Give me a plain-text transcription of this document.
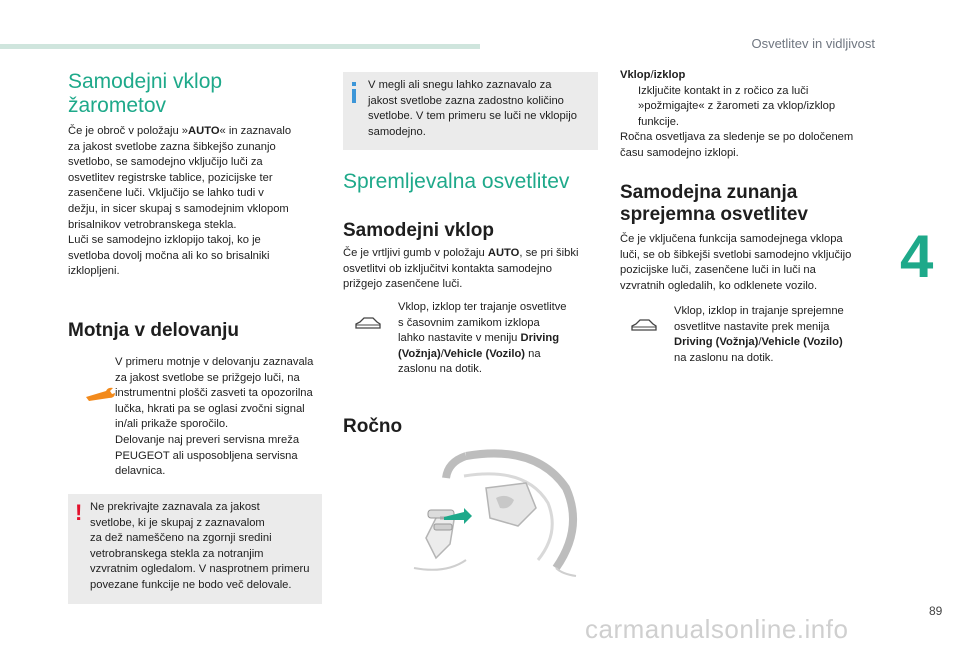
Osvetlitev in vidljivost
4
89
carmanualsonline.info
Samodejni vklop
žarometov
Če je obroč v položaju »AUTO« in zaznavalo
za jakost svetlobe zazna šibkejšo zunanjo
svetlobo, se samodejno vključijo luči za
osvetlitev registrske tablice, pozicijske ter
zasenčene luči. Vključijo se lahko tudi v
dežju, in sicer skupaj s samodejnim vklopom
brisalnikov vetrobranskega stekla.
Luči se samodejno izklopijo takoj, ko je
svetloba dovolj močna ali ko so brisalniki
izklopljeni.
Motnja v delovanju
V primeru motnje v delovanju zaznavala
za jakost svetlobe se prižgejo luči, na
instrumentni plošči zasveti ta opozorilna
lučka, hkrati pa se oglasi zvočni signal
in/ali prikaže sporočilo.
Delovanje naj preveri servisna mreža
PEUGEOT ali usposobljena servisna
delavnica.
! Ne prekrivajte zaznavala za jakost
svetlobe, ki je skupaj z zaznavalom
za dež nameščeno na zgornji sredini
vetrobranskega stekla za notranjim
vzvratnim ogledalom. V nasprotnem primeru
povezane funkcije ne bodo več delovale.
V megli ali snegu lahko zaznavalo za
jakost svetlobe zazna zadostno količino
svetlobe. V tem primeru se luči ne vklopijo
samodejno.
Spremljevalna osvetlitev
Samodejni vklop
Če je vrtljivi gumb v položaju AUTO, se pri šibki
osvetlitvi ob izključitvi kontakta samodejno
prižgejo zasenčene luči.
Vklop, izklop ter trajanje osvetlitve
s časovnim zamikom izklopa
lahko nastavite v meniju Driving
(Vožnja)/Vehicle (Vozilo) na
zaslonu na dotik.
Ročno
Vklop/izklop
Izključite kontakt in z ročico za luči
»požmigajte« z žarometi za vklop/izklop
funkcije.
Ročna osvetljava za sledenje se po določenem
času samodejno izklopi.
Samodejna zunanja
sprejemna osvetlitev
Če je vključena funkcija samodejnega vklopa
luči, se ob šibkejši svetlobi samodejno vključijo
pozicijske luči, zasenčene luči in luči na
vzvratnih ogledalih, ko odklenete vozilo.
Vklop, izklop in trajanje sprejemne
osvetlitve nastavite prek menija
Driving (Vožnja)/Vehicle (Vozilo)
na zaslonu na dotik.
